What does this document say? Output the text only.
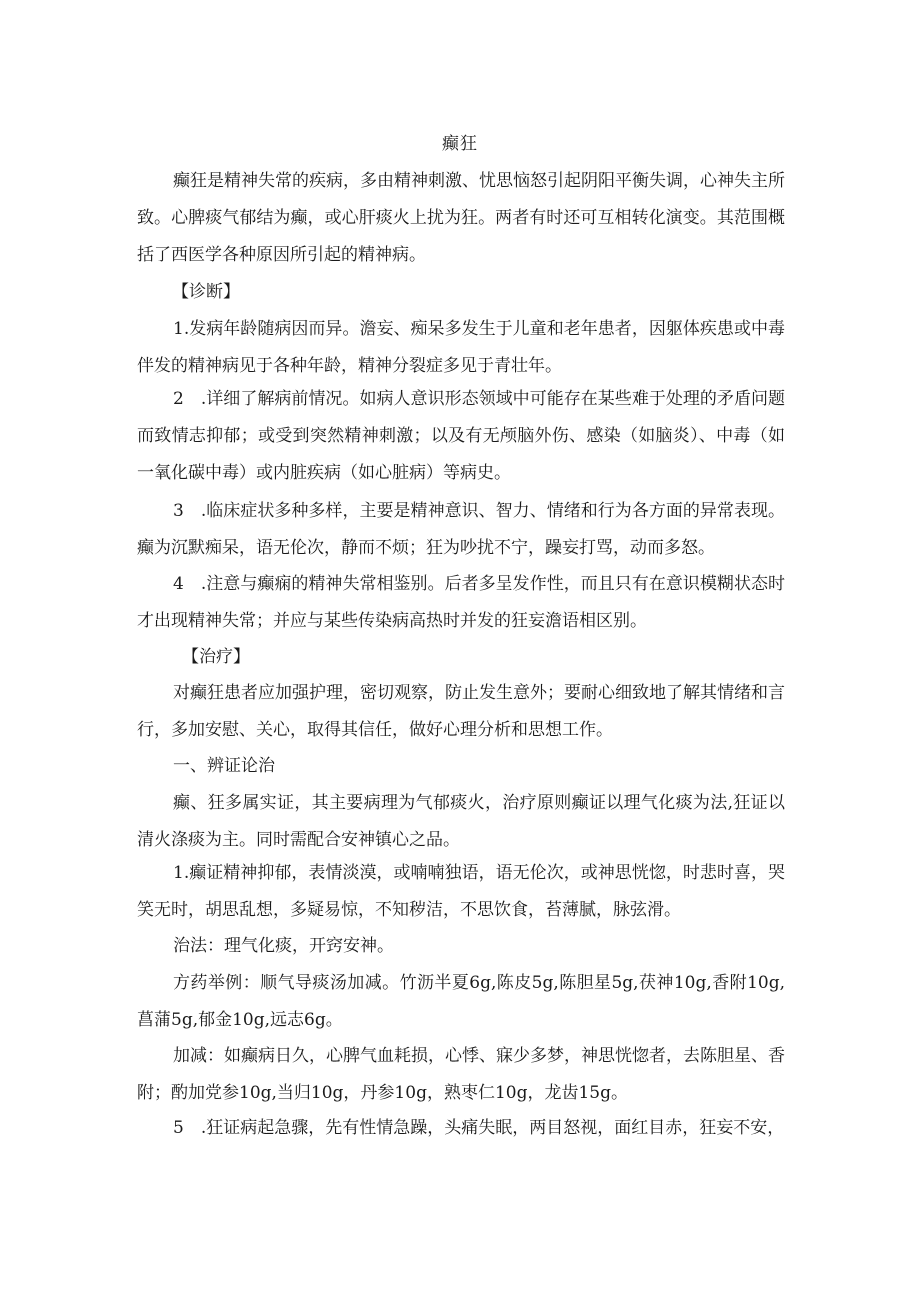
癫狂

癫狂是精神失常的疾病，多由精神刺激、忧思恼怒引起阴阳平衡失调，心神失主所致。心脾痰气郁结为癫，或心肝痰火上扰为狂。两者有时还可互相转化演变。其范围概括了西医学各种原因所引起的精神病。

【诊断】

1.发病年龄随病因而异。澹妄、痴呆多发生于儿童和老年患者，因躯体疾患或中毒伴发的精神病见于各种年龄，精神分裂症多见于青壮年。

2　.详细了解病前情况。如病人意识形态领域中可能存在某些难于处理的矛盾问题而致情志抑郁；或受到突然精神刺激；以及有无颅脑外伤、感染（如脑炎）、中毒（如一氧化碳中毒）或内脏疾病（如心脏病）等病史。

3　.临床症状多种多样，主要是精神意识、智力、情绪和行为各方面的异常表现。癫为沉默痴呆，语无伦次，静而不烦；狂为吵扰不宁，躁妄打骂，动而多怒。

4　.注意与癫痫的精神失常相鉴别。后者多呈发作性，而且只有在意识模糊状态时才出现精神失常；并应与某些传染病高热时并发的狂妄澹语相区别。

【治疗】

对癫狂患者应加强护理，密切观察，防止发生意外；要耐心细致地了解其情绪和言行，多加安慰、关心，取得其信任，做好心理分析和思想工作。

一、辨证论治

癫、狂多属实证，其主要病理为气郁痰火，治疗原则癫证以理气化痰为法,狂证以清火涤痰为主。同时需配合安神镇心之品。

1.癫证精神抑郁，表情淡漠，或喃喃独语，语无伦次，或神思恍惚，时悲时喜，哭笑无时，胡思乱想，多疑易惊，不知秽洁，不思饮食，苔薄腻，脉弦滑。

治法：理气化痰，开窍安神。

方药举例：顺气导痰汤加减。竹沥半夏6g,陈皮5g,陈胆星5g,茯神10g,香附10g,菖蒲5g,郁金10g,远志6g。

加减：如癫病日久，心脾气血耗损，心悸、寐少多梦，神思恍惚者，去陈胆星、香附；酌加党参10g,当归10g，丹参10g，熟枣仁10g，龙齿15g。

5　.狂证病起急骤，先有性情急躁，头痛失眠，两目怒视，面红目赤，狂妄不安，
